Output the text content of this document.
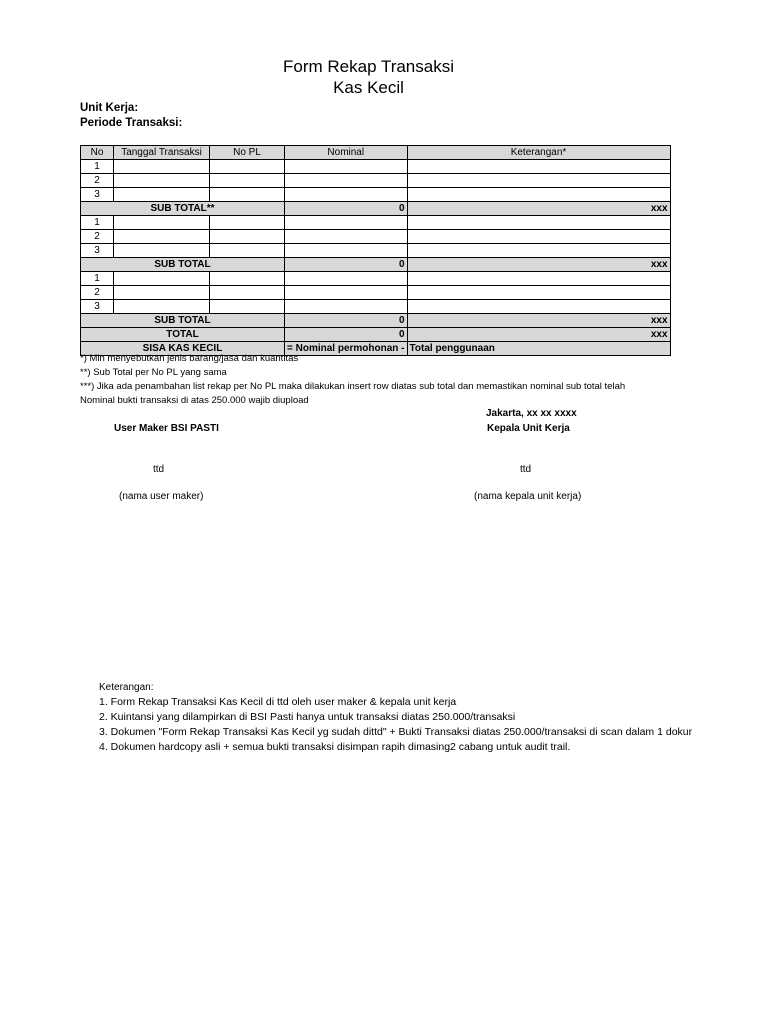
Form Rekap Transaksi
Kas Kecil
Unit Kerja:
Periode Transaksi:
No	Tanggal Transaksi	No PL	Nominal	Keterangan*
1				
2				
3				
SUB TOTAL**			0	xxx
1				
2				
3				
SUB TOTAL			0	xxx
1				
2				
3				
SUB TOTAL			0	xxx
TOTAL			0	xxx
SISA KAS KECIL			= Nominal permohonan -	Total penggunaan
*) Min menyebutkan jenis barang/jasa dan kuantitas
**) Sub Total per No PL yang sama
***) Jika ada penambahan list rekap per No PL maka dilakukan insert row diatas sub total dan memastikan nominal sub total telah
Nominal bukti transaksi di atas 250.000 wajib diupload
Jakarta, xx xx xxxx
User Maker BSI PASTI	Kepala Unit Kerja
ttd	ttd
(nama user maker)	(nama kepala unit kerja)
Keterangan:
1. Form Rekap Transaksi Kas Kecil di ttd oleh user maker & kepala unit kerja
2. Kuintansi yang dilampirkan di BSI Pasti hanya untuk transaksi diatas 250.000/transaksi
3. Dokumen "Form Rekap Transaksi Kas Kecil yg sudah dittd" + Bukti Transaksi diatas 250.000/transaksi di scan dalam 1 dokur
4. Dokumen hardcopy asli + semua bukti transaksi disimpan rapih dimasing2 cabang untuk audit trail.
